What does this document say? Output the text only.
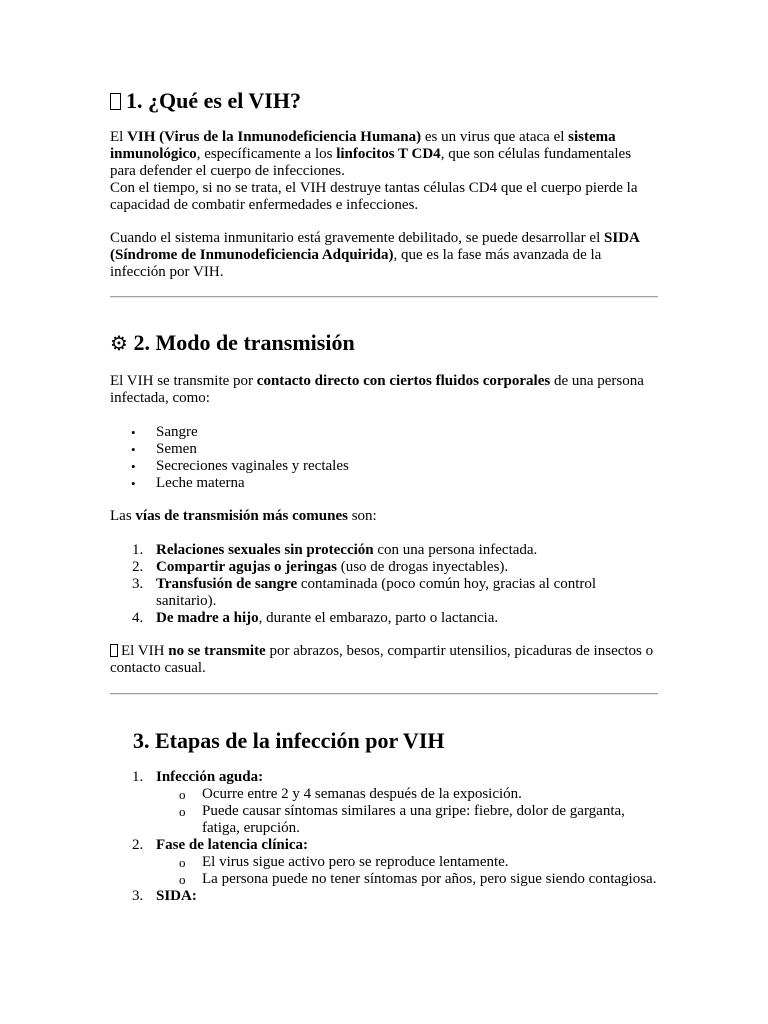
1. ¿Qué es el VIH?

El VIH (Virus de la Inmunodeficiencia Humana) es un virus que ataca el sistema inmunológico, específicamente a los linfocitos T CD4, que son células fundamentales para defender el cuerpo de infecciones.

Con el tiempo, si no se trata, el VIH destruye tantas células CD4 que el cuerpo pierde la capacidad de combatir enfermedades e infecciones.

Cuando el sistema inmunitario está gravemente debilitado, se puede desarrollar el SIDA (Síndrome de Inmunodeficiencia Adquirida), que es la fase más avanzada de la infección por VIH.

⚙ 2. Modo de transmisión

El VIH se transmite por contacto directo con ciertos fluidos corporales de una persona infectada, como:

• Sangre
• Semen
• Secreciones vaginales y rectales
• Leche materna

Las vías de transmisión más comunes son:

1. Relaciones sexuales sin protección con una persona infectada.
2. Compartir agujas o jeringas (uso de drogas inyectables).
3. Transfusión de sangre contaminada (poco común hoy, gracias al control sanitario).
4. De madre a hijo, durante el embarazo, parto o lactancia.

El VIH no se transmite por abrazos, besos, compartir utensilios, picaduras de insectos o contacto casual.

3. Etapas de la infección por VIH
1. Infección aguda:
o Ocurre entre 2 y 4 semanas después de la exposición.
o Puede causar síntomas similares a una gripe: fiebre, dolor de garganta, fatiga, erupción.
2. Fase de latencia clínica:
o El virus sigue activo pero se reproduce lentamente.
o La persona puede no tener síntomas por años, pero sigue siendo contagiosa.
3. SIDA:
